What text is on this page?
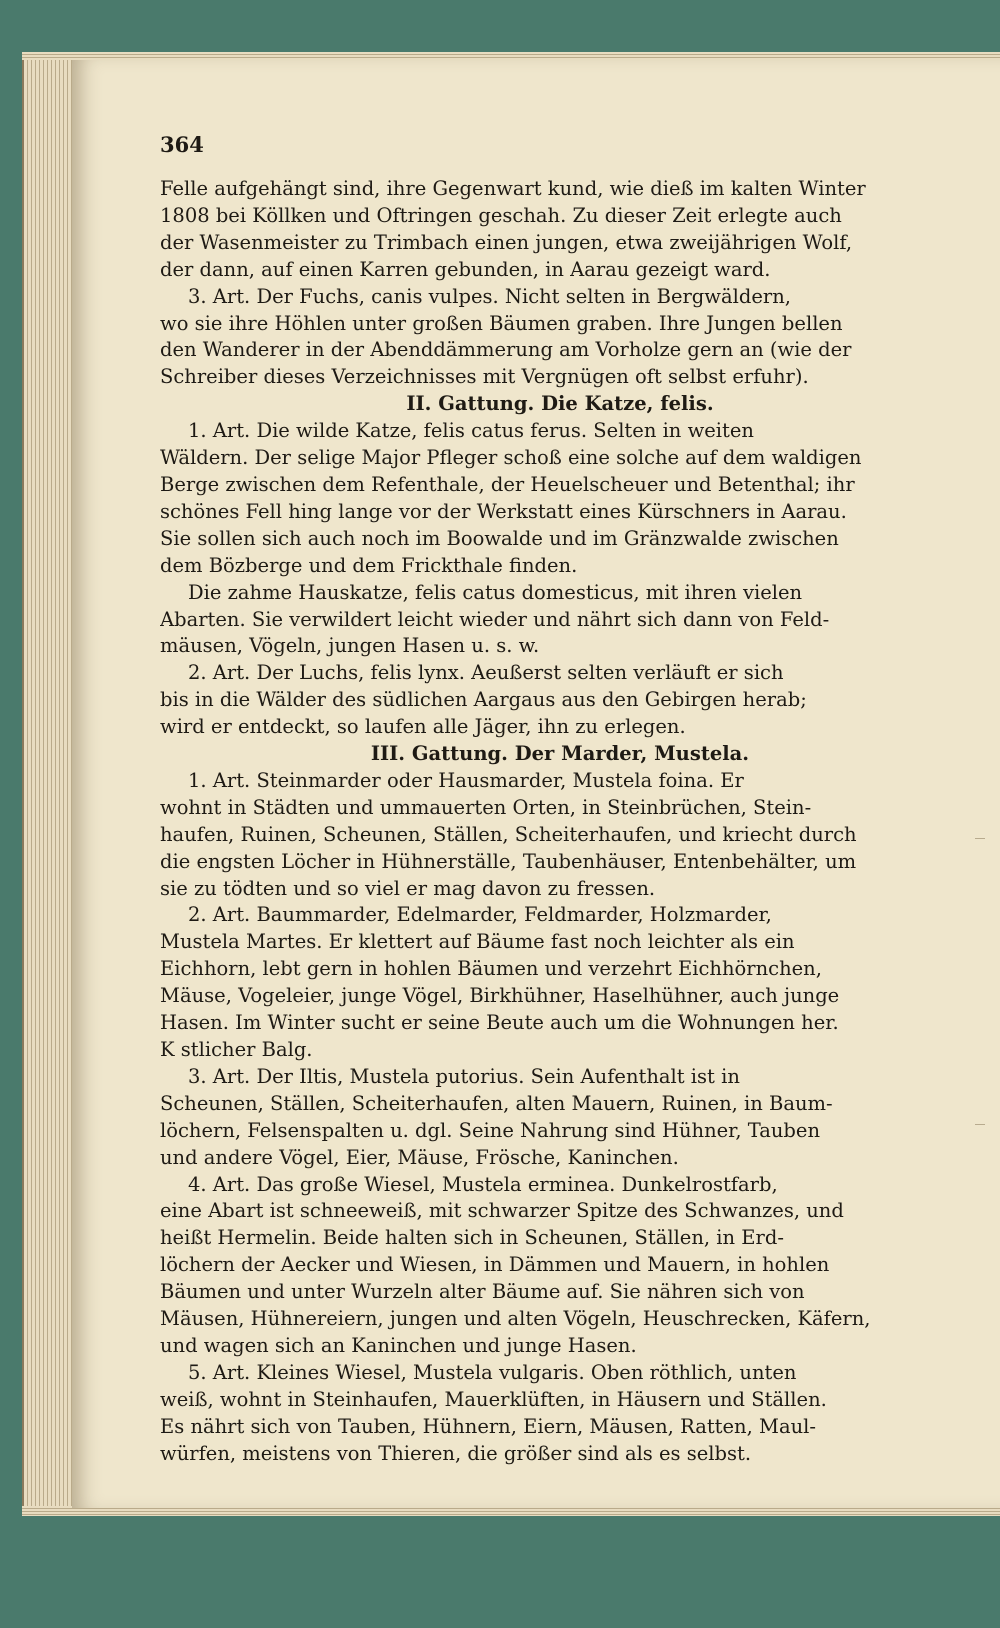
364
Felle aufgehängt sind, ihre Gegenwart kund, wie dieß im kalten Winter
1808 bei Köllken und Oftringen geschah. Zu dieser Zeit erlegte auch
der Wasenmeister zu Trimbach einen jungen, etwa zweijährigen Wolf,
der dann, auf einen Karren gebunden, in Aarau gezeigt ward.
3. Art. Der Fuchs, canis vulpes. Nicht selten in Bergwäldern,
wo sie ihre Höhlen unter großen Bäumen graben. Ihre Jungen bellen
den Wanderer in der Abenddämmerung am Vorholze gern an (wie der
Schreiber dieses Verzeichnisses mit Vergnügen oft selbst erfuhr).
II. Gattung. Die Katze, felis.
1. Art. Die wilde Katze, felis catus ferus. Selten in weiten
Wäldern. Der selige Major Pfleger schoß eine solche auf dem waldigen
Berge zwischen dem Refenthale, der Heuelscheuer und Betenthal; ihr
schönes Fell hing lange vor der Werkstatt eines Kürschners in Aarau.
Sie sollen sich auch noch im Boowalde und im Gränzwalde zwischen
dem Bözberge und dem Frickthale finden.
Die zahme Hauskatze, felis catus domesticus, mit ihren vielen
Abarten. Sie verwildert leicht wieder und nährt sich dann von Feld-
mäusen, Vögeln, jungen Hasen u. s. w.
2. Art. Der Luchs, felis lynx. Aeußerst selten verläuft er sich
bis in die Wälder des südlichen Aargaus aus den Gebirgen herab;
wird er entdeckt, so laufen alle Jäger, ihn zu erlegen.
III. Gattung. Der Marder, Mustela.
1. Art. Steinmarder oder Hausmarder, Mustela foina. Er
wohnt in Städten und ummauerten Orten, in Steinbrüchen, Stein-
haufen, Ruinen, Scheunen, Ställen, Scheiterhaufen, und kriecht durch
die engsten Löcher in Hühnerställe, Taubenhäuser, Entenbehälter, um
sie zu tödten und so viel er mag davon zu fressen.
2. Art. Baummarder, Edelmarder, Feldmarder, Holzmarder,
Mustela Martes. Er klettert auf Bäume fast noch leichter als ein
Eichhorn, lebt gern in hohlen Bäumen und verzehrt Eichhörnchen,
Mäuse, Vogeleier, junge Vögel, Birkhühner, Haselhühner, auch junge
Hasen. Im Winter sucht er seine Beute auch um die Wohnungen her.
K stlicher Balg.
3. Art. Der Iltis, Mustela putorius. Sein Aufenthalt ist in
Scheunen, Ställen, Scheiterhaufen, alten Mauern, Ruinen, in Baum-
löchern, Felsenspalten u. dgl. Seine Nahrung sind Hühner, Tauben
und andere Vögel, Eier, Mäuse, Frösche, Kaninchen.
4. Art. Das große Wiesel, Mustela erminea. Dunkelrostfarb,
eine Abart ist schneeweiß, mit schwarzer Spitze des Schwanzes, und
heißt Hermelin. Beide halten sich in Scheunen, Ställen, in Erd-
löchern der Aecker und Wiesen, in Dämmen und Mauern, in hohlen
Bäumen und unter Wurzeln alter Bäume auf. Sie nähren sich von
Mäusen, Hühnereiern, jungen und alten Vögeln, Heuschrecken, Käfern,
und wagen sich an Kaninchen und junge Hasen.
5. Art. Kleines Wiesel, Mustela vulgaris. Oben röthlich, unten
weiß, wohnt in Steinhaufen, Mauerklüften, in Häusern und Ställen.
Es nährt sich von Tauben, Hühnern, Eiern, Mäusen, Ratten, Maul-
würfen, meistens von Thieren, die größer sind als es selbst.
